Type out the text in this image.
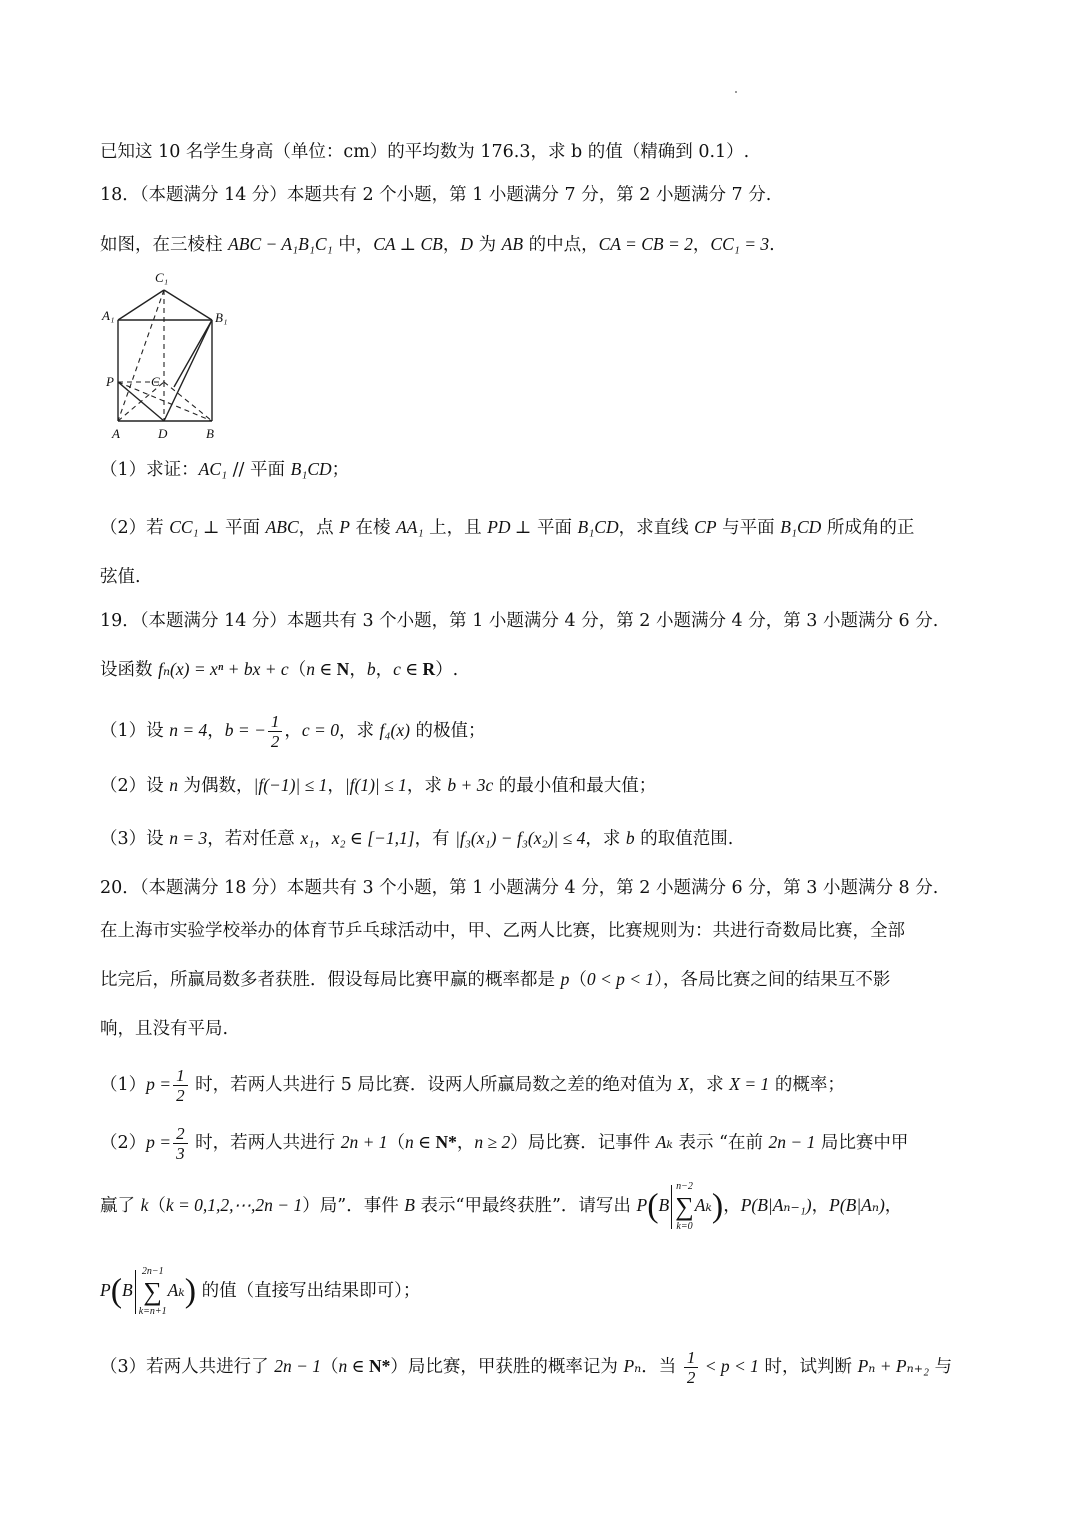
已知这 10 名学生身高（单位：cm）的平均数为 176.3，求 b 的值（精确到 0.1）.
18．（本题满分 14 分）本题共有 2 个小题，第 1 小题满分 7 分，第 2 小题满分 7 分.
如图，在三棱柱 ABC − A₁B₁C₁ 中，CA ⊥ CB，D 为 AB 的中点，CA = CB = 2，CC₁ = 3.
C₁
A₁	B₁
P	C
A	D	B
（1）求证：AC₁ // 平面 B₁CD；
（2）若 CC₁ ⊥ 平面 ABC，点 P 在棱 AA₁ 上，且 PD ⊥ 平面 B₁CD，求直线 CP 与平面 B₁CD 所成角的正
弦值.
19．（本题满分 14 分）本题共有 3 个小题，第 1 小题满分 4 分，第 2 小题满分 4 分，第 3 小题满分 6 分.
设函数 fₙ(x) = xⁿ + bx + c（n ∈ N，b，c ∈ R）.
（1）设 n = 4，b = − $\frac{1}{2}$ ，c = 0，求 f₄(x) 的极值；
（2）设 n 为偶数，|f(−1)| ≤ 1，|f(1)| ≤ 1，求 b + 3c 的最小值和最大值；
（3）设 n = 3，若对任意 x₁，x₂ ∈ [−1,1]，有 |f₃(x₁) − f₃(x₂)| ≤ 4，求 b 的取值范围.
20．（本题满分 18 分）本题共有 3 个小题，第 1 小题满分 4 分，第 2 小题满分 6 分，第 3 小题满分 8 分.
在上海市实验学校举办的体育节乒乓球活动中，甲、乙两人比赛，比赛规则为：共进行奇数局比赛，全部
比完后，所赢局数多者获胜．假设每局比赛甲赢的概率都是 p（0 < p < 1），各局比赛之间的结果互不影
响，且没有平局.
$(1)p = \frac{1}{2}$ 时，若两人共进行 5 局比赛．设两人所赢局数之差的绝对值为 X，求 X = 1 的概率；
$(2)p = \frac{2}{3}$ 时，若两人共进行 2n + 1（n ∈ N*，n ≥ 2）局比赛．记事件 Aₖ 表示 “在前 2n − 1 局比赛中甲
赢了 k（k = 0,1,2,⋯,2n − 1）局”．事件 B 表示“甲最终获胜”．请写出 P(B
n−2
∑
k=0
Aₖ)，P(B|Aₙ₋₁)，P(B|Aₙ)，
P(B
2n−1
∑
k=n+1
Aₖ) 的值（直接写出结果即可）；
（3）若两人共进行了 2n − 1（n ∈ N*）局比赛，甲获胜的概率记为 Pₙ．当 $\frac{1}{2} < p < 1$ 时，试判断 Pₙ + Pₙ₊₂ 与
